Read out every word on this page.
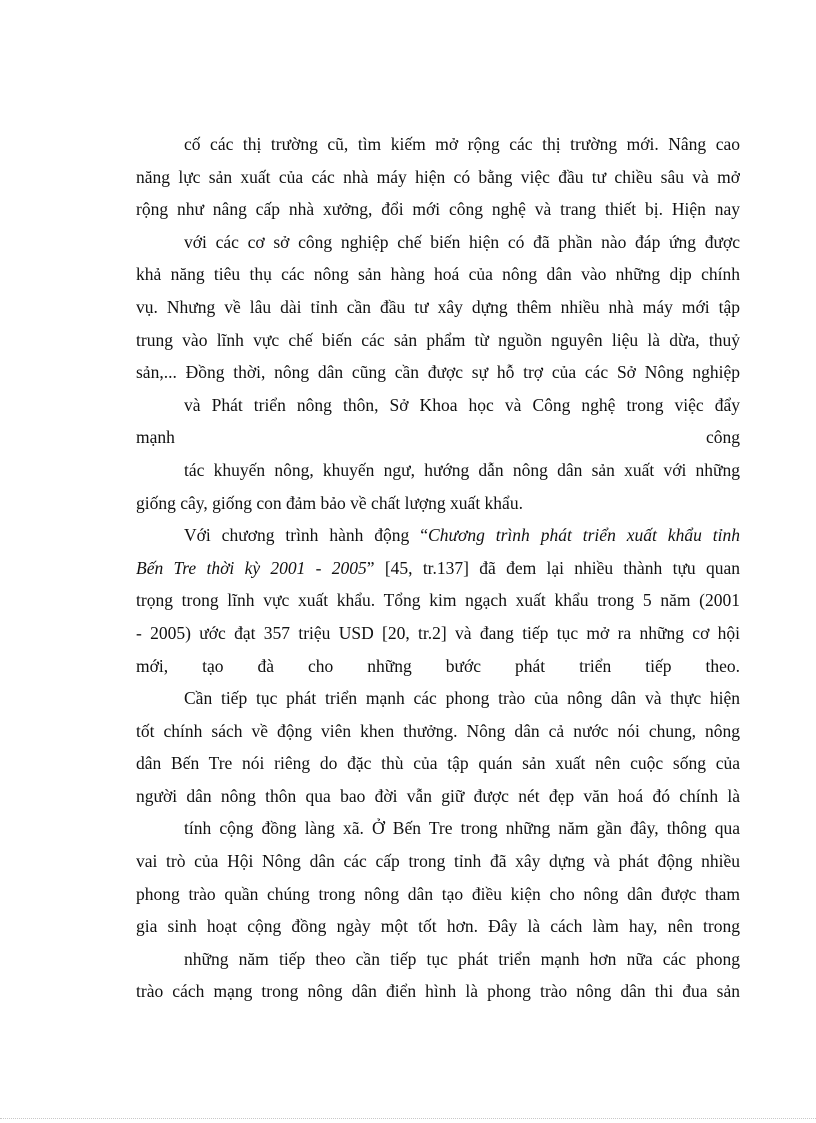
cố các thị trường cũ, tìm kiếm mở rộng các thị trường mới. Nâng cao
năng lực sản xuất của các nhà máy hiện có bằng việc đầu tư chiều sâu và mở
rộng như nâng cấp nhà xưởng, đổi mới công nghệ và trang thiết bị. Hiện nay
với các cơ sở công nghiệp chế biến hiện có đã phần nào đáp ứng được
khả năng tiêu thụ các nông sản hàng hoá của nông dân vào những dịp chính
vụ. Nhưng về lâu dài tỉnh cần đầu tư xây dựng thêm nhiều nhà máy mới tập
trung vào lĩnh vực chế biến các sản phẩm từ nguồn nguyên liệu là dừa, thuỷ
sản,... Đồng thời, nông dân cũng cần được sự hỗ trợ của các Sở Nông nghiệp
và Phát triển nông thôn, Sở Khoa học và Công nghệ trong việc đẩy
mạnh	công
tác khuyến nông, khuyến ngư, hướng dẫn nông dân sản xuất với những
giống cây, giống con đảm bảo về chất lượng xuất khẩu.
Với chương trình hành động “Chương trình phát triển xuất khẩu tỉnh
Bến Tre thời kỳ 2001 - 2005” [45, tr.137] đã đem lại nhiều thành tựu quan
trọng trong lĩnh vực xuất khẩu. Tổng kim ngạch xuất khẩu trong 5 năm (2001
- 2005) ước đạt 357 triệu USD [20, tr.2] và đang tiếp tục mở ra những cơ hội
mới, tạo đà cho những bước phát triển tiếp theo.
Cần tiếp tục phát triển mạnh các phong trào của nông dân và thực hiện
tốt chính sách về động viên khen thưởng. Nông dân cả nước nói chung, nông
dân Bến Tre nói riêng do đặc thù của tập quán sản xuất nên cuộc sống của
người dân nông thôn qua bao đời vẫn giữ được nét đẹp văn hoá đó chính là
tính cộng đồng làng xã. Ở Bến Tre trong những năm gần đây, thông qua
vai trò của Hội Nông dân các cấp trong tỉnh đã xây dựng và phát động nhiều
phong trào quần chúng trong nông dân tạo điều kiện cho nông dân được tham
gia sinh hoạt cộng đồng ngày một tốt hơn. Đây là cách làm hay, nên trong
những năm tiếp theo cần tiếp tục phát triển mạnh hơn nữa các phong
trào cách mạng trong nông dân điển hình là phong trào nông dân thi đua sản
